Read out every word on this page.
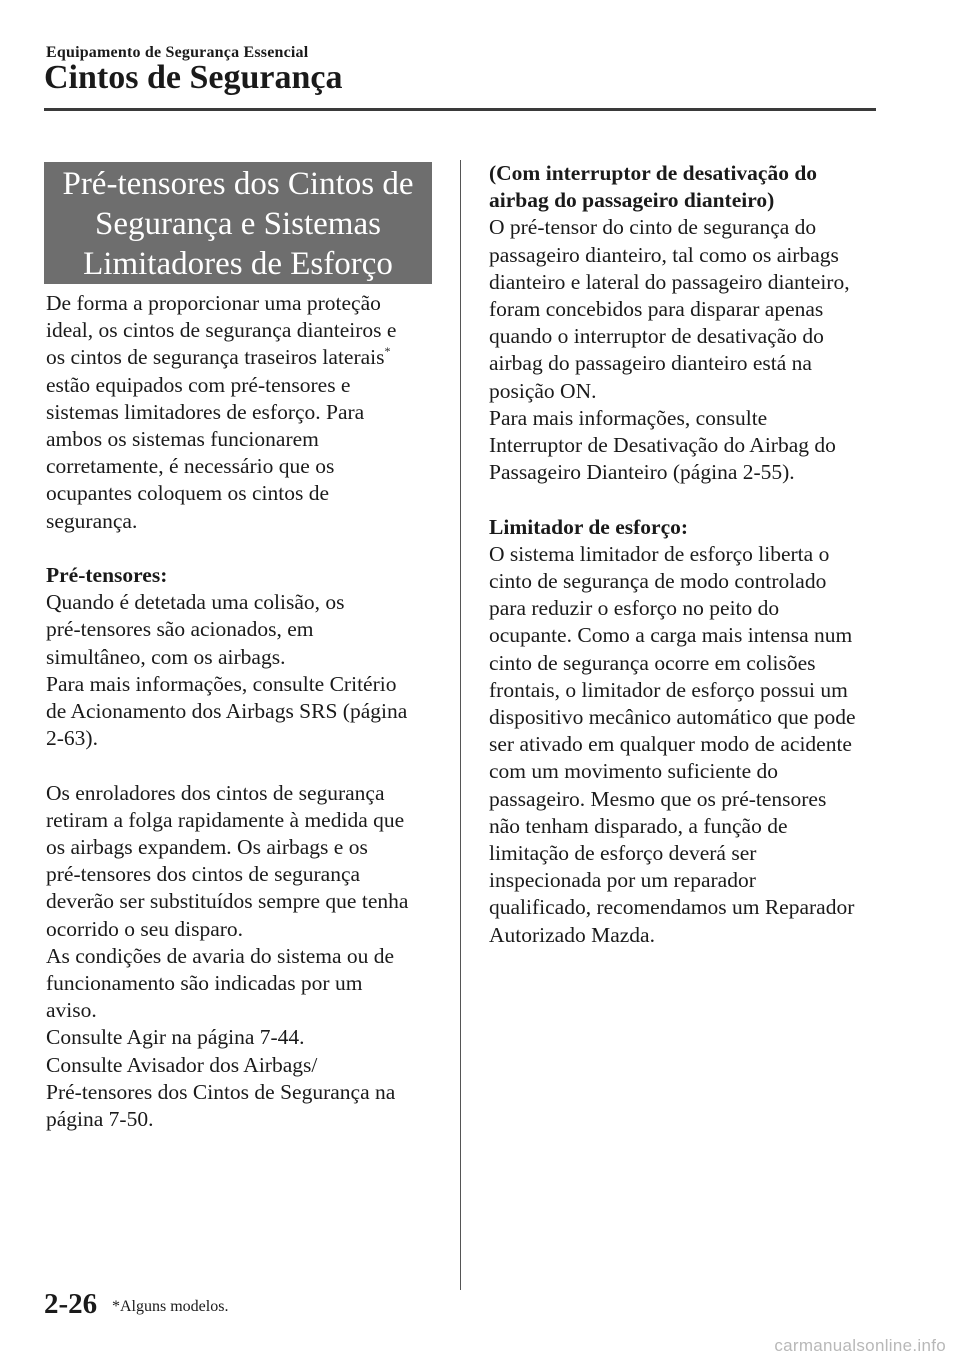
Equipamento de Segurança Essencial
Cintos de Segurança
Pré-tensores dos Cintos de
Segurança e Sistemas
Limitadores de Esforço

De forma a proporcionar uma proteção

ideal, os cintos de segurança dianteiros e

os cintos de segurança traseiros laterais*

estão equipados com pré-tensores e

sistemas limitadores de esforço. Para

ambos os sistemas funcionarem

corretamente, é necessário que os

ocupantes coloquem os cintos de

segurança.

Pré-tensores:

Quando é detetada uma colisão, os

pré-tensores são acionados, em

simultâneo, com os airbags.

Para mais informações, consulte Critério

de Acionamento dos Airbags SRS (página

2-63).

Os enroladores dos cintos de segurança

retiram a folga rapidamente à medida que

os airbags expandem. Os airbags e os

pré-tensores dos cintos de segurança

deverão ser substituídos sempre que tenha

ocorrido o seu disparo.

As condições de avaria do sistema ou de

funcionamento são indicadas por um

aviso.

Consulte Agir na página 7-44.

Consulte Avisador dos Airbags/

Pré-tensores dos Cintos de Segurança na

página 7-50.

(Com interruptor de desativação do

airbag do passageiro dianteiro)

O pré-tensor do cinto de segurança do

passageiro dianteiro, tal como os airbags

dianteiro e lateral do passageiro dianteiro,

foram concebidos para disparar apenas

quando o interruptor de desativação do

airbag do passageiro dianteiro está na

posição ON.

Para mais informações, consulte

Interruptor de Desativação do Airbag do

Passageiro Dianteiro (página 2-55).

Limitador de esforço:

O sistema limitador de esforço liberta o

cinto de segurança de modo controlado

para reduzir o esforço no peito do

ocupante. Como a carga mais intensa num

cinto de segurança ocorre em colisões

frontais, o limitador de esforço possui um

dispositivo mecânico automático que pode

ser ativado em qualquer modo de acidente

com um movimento suficiente do

passageiro. Mesmo que os pré-tensores

não tenham disparado, a função de

limitação de esforço deverá ser

inspecionada por um reparador

qualificado, recomendamos um Reparador

Autorizado Mazda.

2-26 *Alguns modelos.
carmanualsonline.info
